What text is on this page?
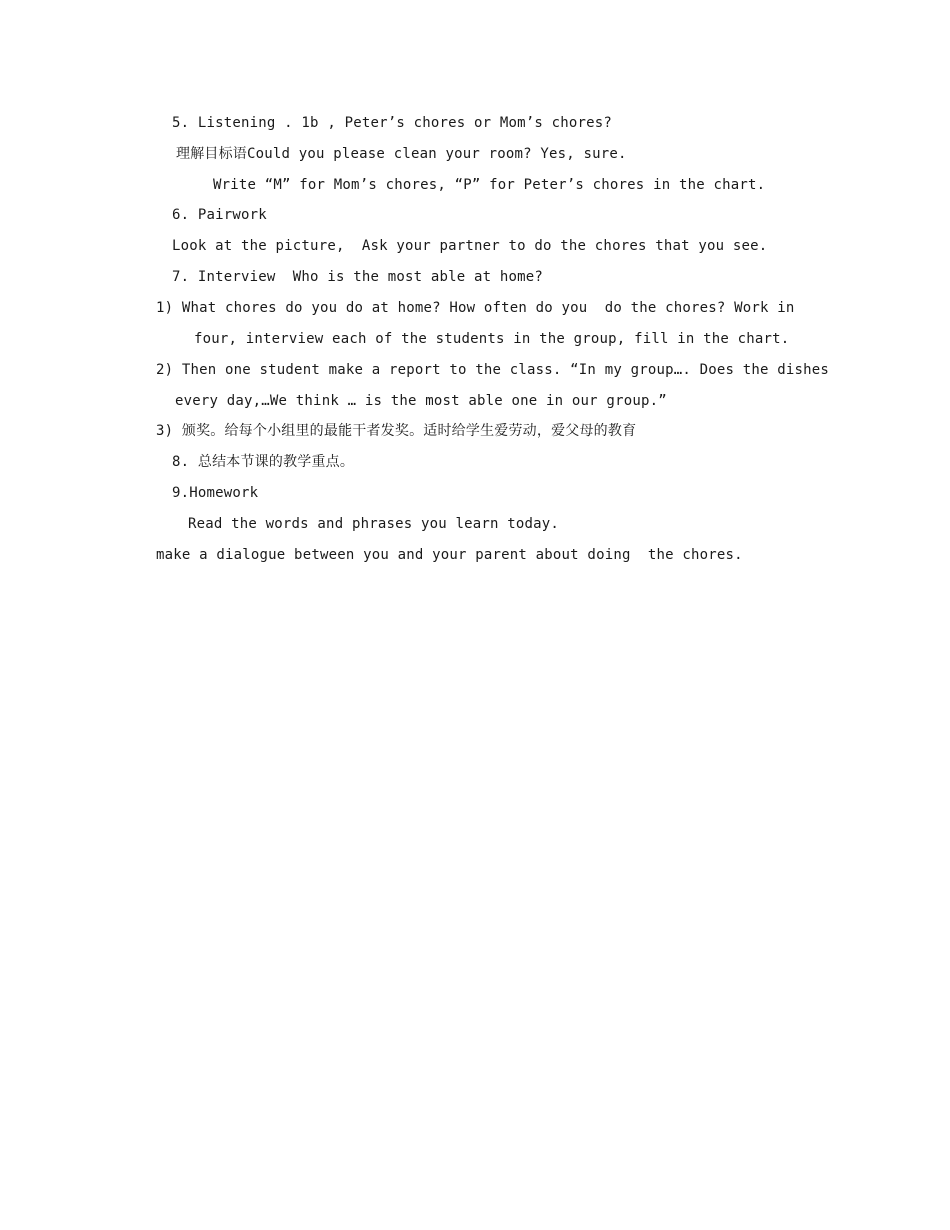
5. Listening . 1b , Peter’s chores or Mom’s chores?
理解目标语Could you please clean your room? Yes, sure.
Write “M” for Mom’s chores, “P” for Peter’s chores in the chart.
6. Pairwork
Look at the picture,  Ask your partner to do the chores that you see.
7. Interview  Who is the most able at home?
1) What chores do you do at home? How often do you  do the chores? Work in
four, interview each of the students in the group, fill in the chart.
2) Then one student make a report to the class. “In my group…. Does the dishes
every day,…We think … is the most able one in our group.”
3) 颁奖。给每个小组里的最能干者发奖。适时给学生爱劳动，爱父母的教育
8. 总结本节课的教学重点。
9.Homework
Read the words and phrases you learn today.
make a dialogue between you and your parent about doing  the chores.
